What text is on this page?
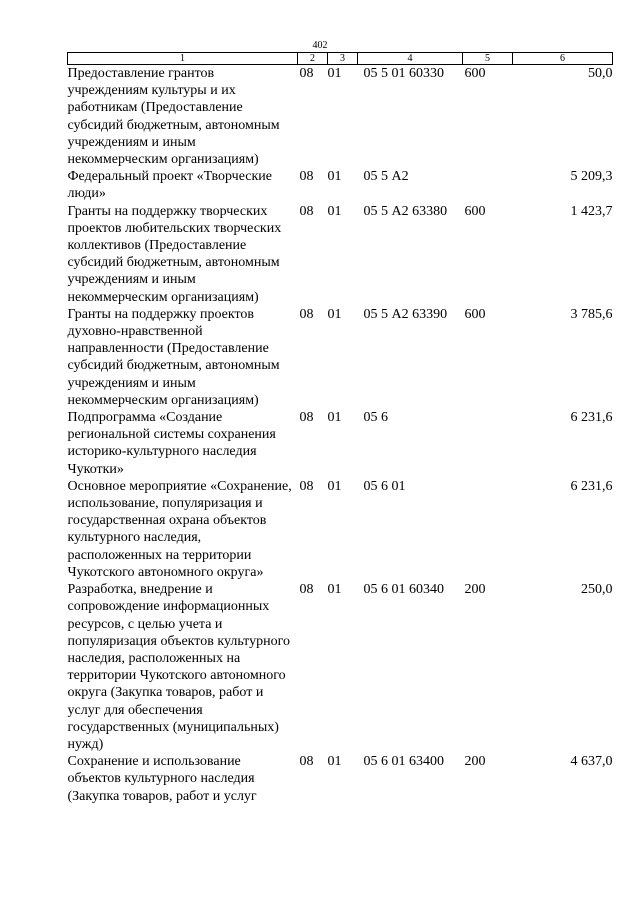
402
1	2	3	4	5	6
Предоставление грантов учреждениям культуры и их работникам (Предоставление субсидий бюджетным, автономным учреждениям и иным некоммерческим организациям)	08	01	05 5 01 60330	600	50,0
Федеральный проект «Творческие люди»	08	01	05 5 А2		5 209,3
Гранты на поддержку творческих проектов любительских творческих коллективов (Предоставление субсидий бюджетным, автономным учреждениям и иным некоммерческим организациям)	08	01	05 5 А2 63380	600	1 423,7
Гранты на поддержку проектов духовно-нравственной направленности (Предоставление субсидий бюджетным, автономным учреждениям и иным некоммерческим организациям)	08	01	05 5 А2 63390	600	3 785,6
Подпрограмма «Создание региональной системы сохранения историко-культурного наследия Чукотки»	08	01	05 6		6 231,6
Основное мероприятие «Сохранение, использование, популяризация и государственная охрана объектов культурного наследия, расположенных на территории Чукотского автономного округа»	08	01	05 6 01		6 231,6
Разработка, внедрение и сопровождение информационных ресурсов, с целью учета и популяризация объектов культурного наследия, расположенных на территории Чукотского автономного округа (Закупка товаров, работ и услуг для обеспечения государственных (муниципальных) нужд)	08	01	05 6 01 60340	200	250,0
Сохранение и использование объектов культурного наследия (Закупка товаров, работ и услуг	08	01	05 6 01 63400	200	4 637,0
